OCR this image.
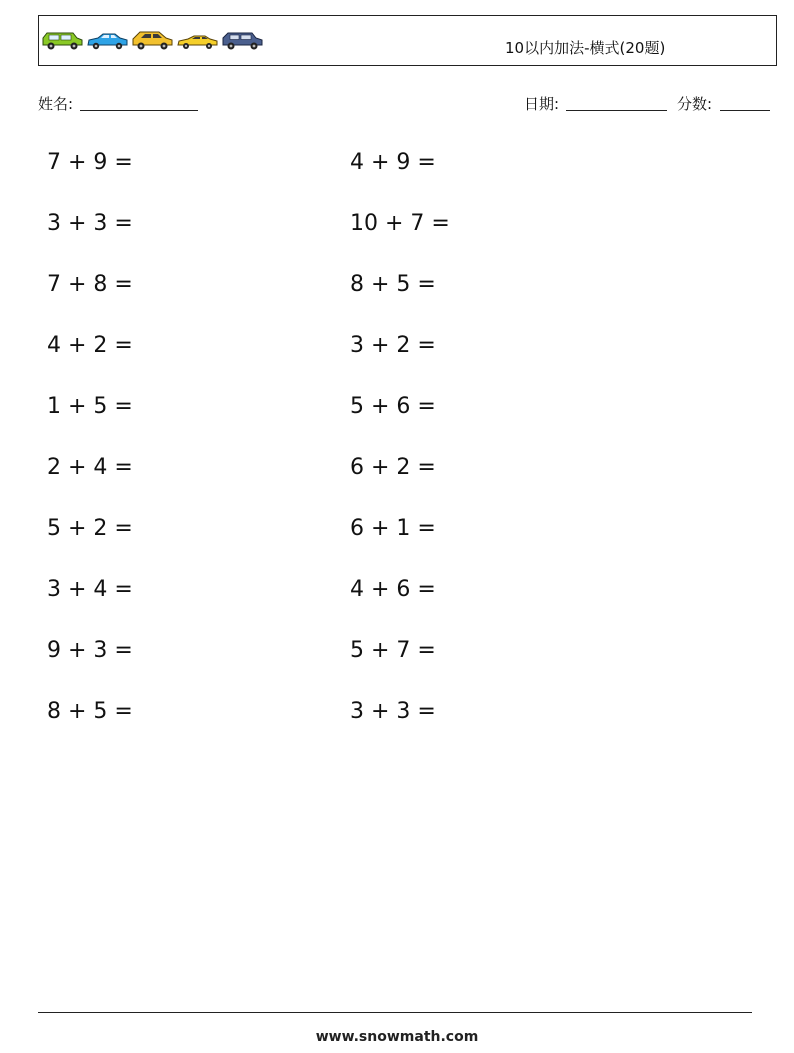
10以内加法-横式(20题)
姓名:	日期:	分数:
7 + 9 =	4 + 9 =
3 + 3 =	10 + 7 =
7 + 8 =	8 + 5 =
4 + 2 =	3 + 2 =
1 + 5 =	5 + 6 =
2 + 4 =	6 + 2 =
5 + 2 =	6 + 1 =
3 + 4 =	4 + 6 =
9 + 3 =	5 + 7 =
8 + 5 =	3 + 3 =
www.snowmath.com
